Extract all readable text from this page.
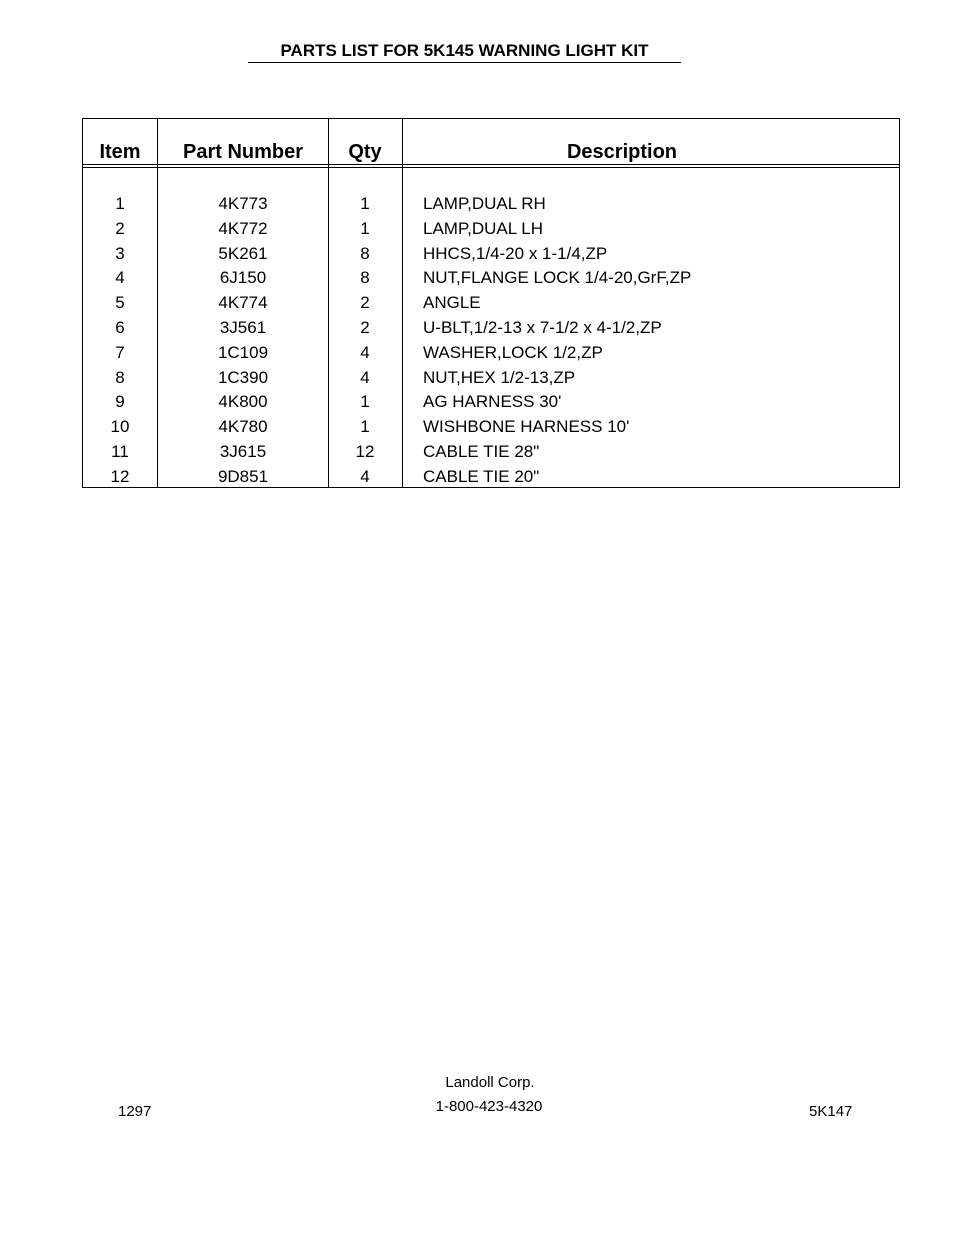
PARTS LIST FOR 5K145 WARNING LIGHT KIT
Item	Part Number	Qty	Description
1	4K773	1	LAMP,DUAL RH
2	4K772	1	LAMP,DUAL LH
3	5K261	8	HHCS,1/4-20 x 1-1/4,ZP
4	6J150	8	NUT,FLANGE LOCK 1/4-20,GrF,ZP
5	4K774	2	ANGLE
6	3J561	2	U-BLT,1/2-13 x 7-1/2 x 4-1/2,ZP
7	1C109	4	WASHER,LOCK 1/2,ZP
8	1C390	4	NUT,HEX 1/2-13,ZP
9	4K800	1	AG HARNESS 30'
10	4K780	1	WISHBONE HARNESS 10'
11	3J615	12	CABLE TIE 28"
12	9D851	4	CABLE TIE 20"
1297
Landoll Corp.
1-800-423-4320	5K147
